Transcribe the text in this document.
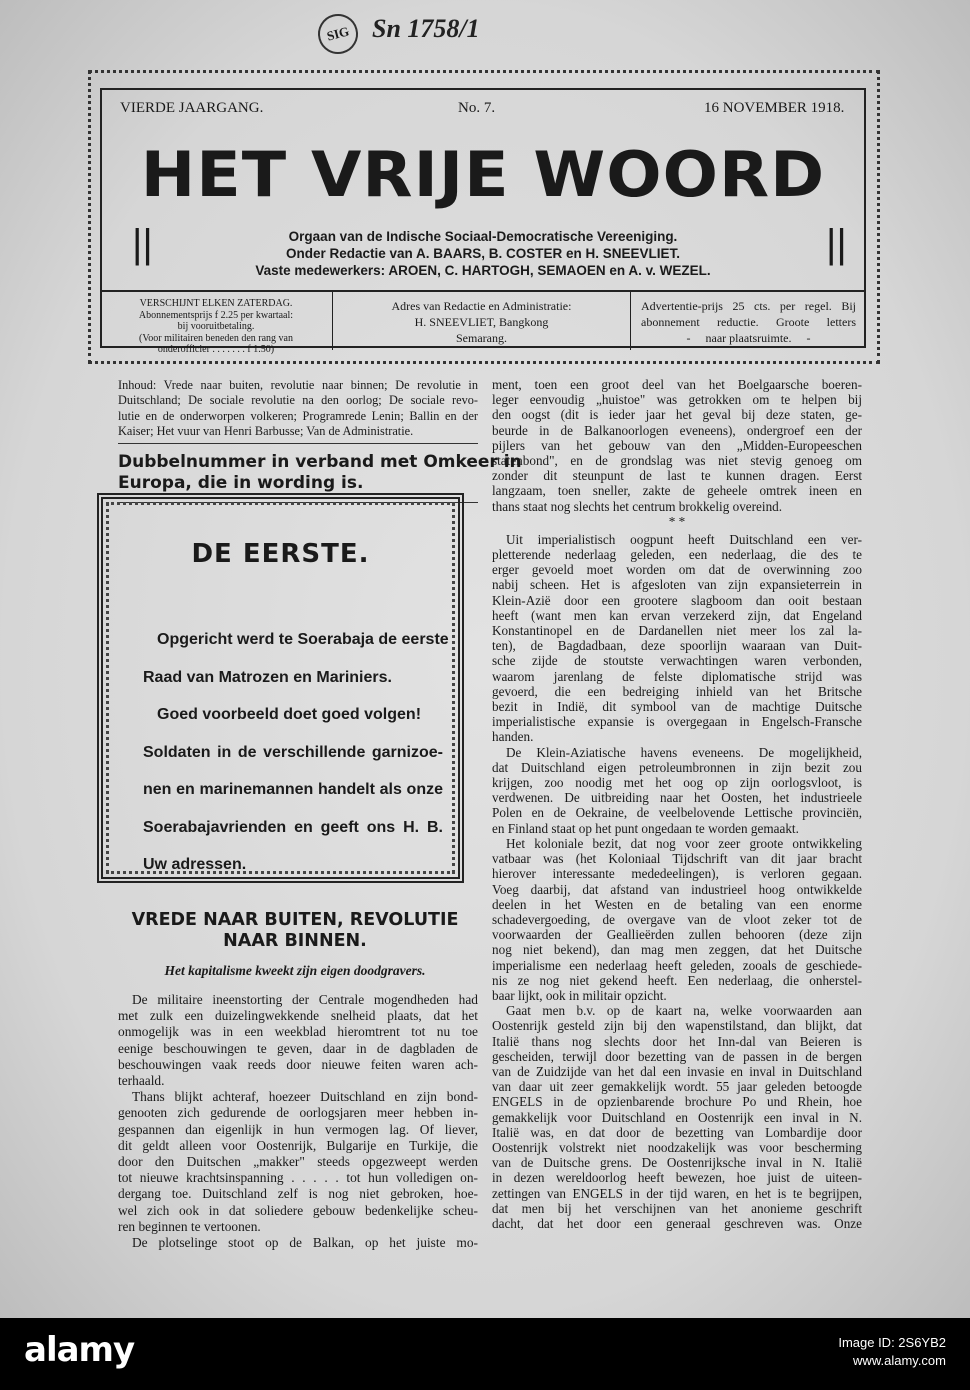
SIG Sn 1758/1
VIERDE JAARGANG.	No. 7.	16 NOVEMBER 1918.
HET VRIJE WOORD
||	||
Orgaan van de Indische Sociaal-Democratische Vereeniging.
Onder Redactie van A. BAARS, B. COSTER en H. SNEEVLIET.
Vaste medewerkers: AROEN, C. HARTOGH, SEMAOEN en A. v. WEZEL.
VERSCHIJNT ELKEN ZATERDAG.
Abonnementsprijs f 2.25 per kwartaal:
bij vooruitbetaling.
(Voor militairen beneden den rang van
onderofficier . . . . . . . f 1.50)
Adres van Redactie en Administratie:
H. SNEEVLIET, Bangkong
Semarang.
Advertentie-prijs 25 cts. per regel. Bij
abonnement reductie. Groote letters
-     naar plaatsruimte.     -
Inhoud: Vrede naar buiten, revolutie naar binnen; De revolutie in
Duitschland; De sociale revolutie na den oorlog; De sociale revo-
lutie en de onderworpen volkeren; Programrede Lenin; Ballin en der
Kaiser; Het vuur van Henri Barbusse; Van de Administratie.
Dubbelnummer in verband met Omkeer in
Europa, die in wording is.
DE EERSTE.
Opgericht werd te Soerabaja de eerste
Raad van Matrozen en Mariniers.
Goed voorbeeld doet goed volgen!
Soldaten in de verschillende garnizoe-
nen en marinemannen handelt als onze
Soerabajavrienden en geeft ons H. B.
Uw adressen.
VREDE NAAR BUITEN, REVOLUTIE
NAAR BINNEN.
Het kapitalisme kweekt zijn eigen doodgravers.
De militaire ineenstorting der Centrale mogendheden had
met zulk een duizelingwekkende snelheid plaats, dat het
onmogelijk was in een weekblad hieromtrent tot nu toe
eenige beschouwingen te geven, daar in de dagbladen de
beschouwingen vaak reeds door nieuwe feiten waren ach-
terhaald.
Thans blijkt achteraf, hoezeer Duitschland en zijn bond-
genooten zich gedurende de oorlogsjaren meer hebben in-
gespannen dan eigenlijk in hun vermogen lag. Of liever,
dit geldt alleen voor Oostenrijk, Bulgarije en Turkije, die
door den Duitschen „makker" steeds opgezweept werden
tot nieuwe krachtsinspanning . . . . . tot hun volledigen on-
dergang toe. Duitschland zelf is nog niet gebroken, hoe-
wel zich ook in dat soliedere gebouw bedenkelijke scheu-
ren beginnen te vertoonen.
De plotselinge stoot op de Balkan, op het juiste mo-
ment, toen een groot deel van het Boelgaarsche boeren-
leger eenvoudig „huistoe" was getrokken om te helpen bij
den oogst (dit is ieder jaar het geval bij deze staten, ge-
beurde in de Balkanoorlogen eveneens), ondergroef een der
pijlers van het gebouw van den „Midden-Europeeschen
statenbond", en de grondslag was niet stevig genoeg om
zonder dit steunpunt de last te kunnen dragen. Eerst
langzaam, toen sneller, zakte de geheele omtrek ineen en
thans staat nog slechts het centrum brokkelig overeind.
* *
Uit imperialistisch oogpunt heeft Duitschland een ver-
pletterende nederlaag geleden, een nederlaag, die des te
erger gevoeld moet worden om dat de overwinning zoo
nabij scheen. Het is afgesloten van zijn expansieterrein in
Klein-Azië door een grootere slagboom dan ooit bestaan
heeft (want men kan ervan verzekerd zijn, dat Engeland
Konstantinopel en de Dardanellen niet meer los zal la-
ten), de Bagdadbaan, deze spoorlijn waaraan van Duit-
sche zijde de stoutste verwachtingen waren verbonden,
waarom jarenlang de felste diplomatische strijd was
gevoerd, die een bedreiging inhield van het Britsche
bezit in Indië, dit symbool van de machtige Duitsche
imperialistische expansie is overgegaan in Engelsch-Fransche
handen.
De Klein-Aziatische havens eveneens. De mogelijkheid,
dat Duitschland eigen petroleumbronnen in zijn bezit zou
krijgen, zoo noodig met het oog op zijn oorlogsvloot, is
verdwenen. De uitbreiding naar het Oosten, het industrieele
Polen en de Oekraine, de veelbelovende Lettische provinciën,
en Finland staat op het punt ongedaan te worden gemaakt.
Het koloniale bezit, dat nog voor zeer groote ontwikkeling
vatbaar was (het Koloniaal Tijdschrift van dit jaar bracht
hierover interessante mededeelingen), is verloren gegaan.
Voeg daarbij, dat afstand van industrieel hoog ontwikkelde
deelen in het Westen en de betaling van een enorme
schadevergoeding, de overgave van de vloot zeker tot de
voorwaarden der Geallieërden zullen behooren (deze zijn
nog niet bekend), dan mag men zeggen, dat het Duitsche
imperialisme een nederlaag heeft geleden, zooals de geschiede-
nis ze nog niet gekend heeft. Een nederlaag, die onherstel-
baar lijkt, ook in militair opzicht.
Gaat men b.v. op de kaart na, welke voorwaarden aan
Oostenrijk gesteld zijn bij den wapenstilstand, dan blijkt, dat
Italië thans nog slechts door het Inn-dal van Beieren is
gescheiden, terwijl door bezetting van de passen in de bergen
van de Zuidzijde van het dal een invasie en inval in Duitschland
van daar uit zeer gemakkelijk wordt. 55 jaar geleden betoogde
ENGELS in de opzienbarende brochure Po und Rhein, hoe
gemakkelijk voor Duitschland en Oostenrijk een inval in N.
Italië was, en dat door de bezetting van Lombardije door
Oostenrijk volstrekt niet noodzakelijk was voor bescherming
van de Duitsche grens. De Oostenrijksche inval in N. Italië
in dezen wereldoorlog heeft bewezen, hoe juist de uiteen-
zettingen van ENGELS in der tijd waren, en het is te begrijpen,
dat men bij het verschijnen van het anonieme geschrift
dacht, dat het door een generaal geschreven was. Onze
alamy	Image ID: 2S6YB2
www.alamy.com
